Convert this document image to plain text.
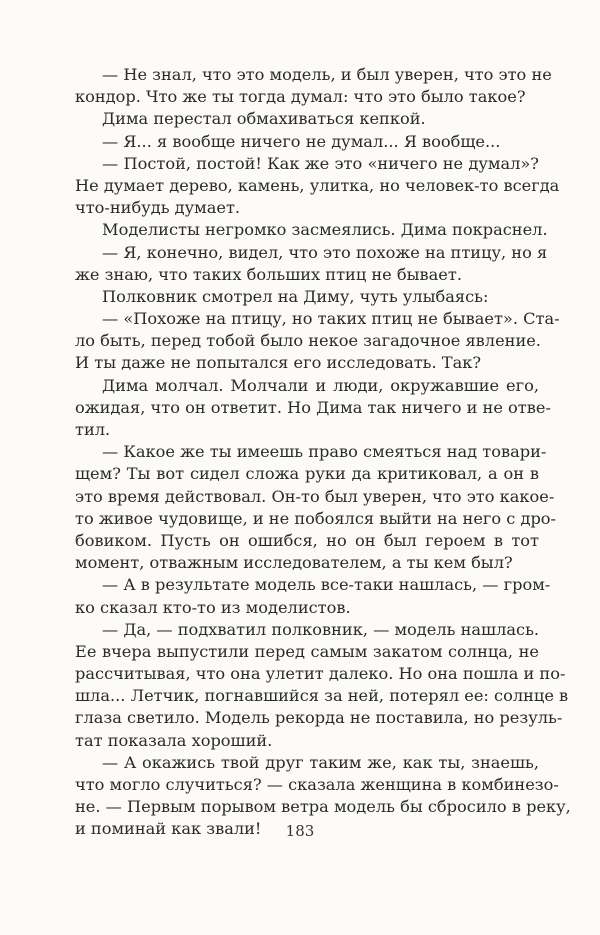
— Не знал, что это модель, и был уверен, что это не
кондор. Что же ты тогда думал: что это было такое?
Дима перестал обмахиваться кепкой.
— Я... я вообще ничего не думал... Я вообще...
— Постой, постой! Как же это «ничего не думал»?
Не думает дерево, камень, улитка, но человек-то всегда
что-нибудь думает.
Моделисты негромко засмеялись. Дима покраснел.
— Я, конечно, видел, что это похоже на птицу, но я
же знаю, что таких больших птиц не бывает.
Полковник смотрел на Диму, чуть улыбаясь:
— «Похоже на птицу, но таких птиц не бывает». Ста-
ло быть, перед тобой было некое загадочное явление.
И ты даже не попытался его исследовать. Так?
Дима молчал. Молчали и люди, окружавшие его,
ожидая, что он ответит. Но Дима так ничего и не отве-
тил.
— Какое же ты имеешь право смеяться над товари-
щем? Ты вот сидел сложа руки да критиковал, а он в
это время действовал. Он-то был уверен, что это какое-
то живое чудовище, и не побоялся выйти на него с дро-
бовиком. Пусть он ошибся, но он был героем в тот
момент, отважным исследователем, а ты кем был?
— А в результате модель все-таки нашлась, — гром-
ко сказал кто-то из моделистов.
— Да, — подхватил полковник, — модель нашлась.
Ее вчера выпустили перед самым закатом солнца, не
рассчитывая, что она улетит далеко. Но она пошла и по-
шла... Летчик, погнавшийся за ней, потерял ее: солнце в
глаза светило. Модель рекорда не поставила, но резуль-
тат показала хороший.
— А окажись твой друг таким же, как ты, знаешь,
что могло случиться? — сказала женщина в комбинезо-
не. — Первым порывом ветра модель бы сбросило в реку,
и поминай как звали!	183
